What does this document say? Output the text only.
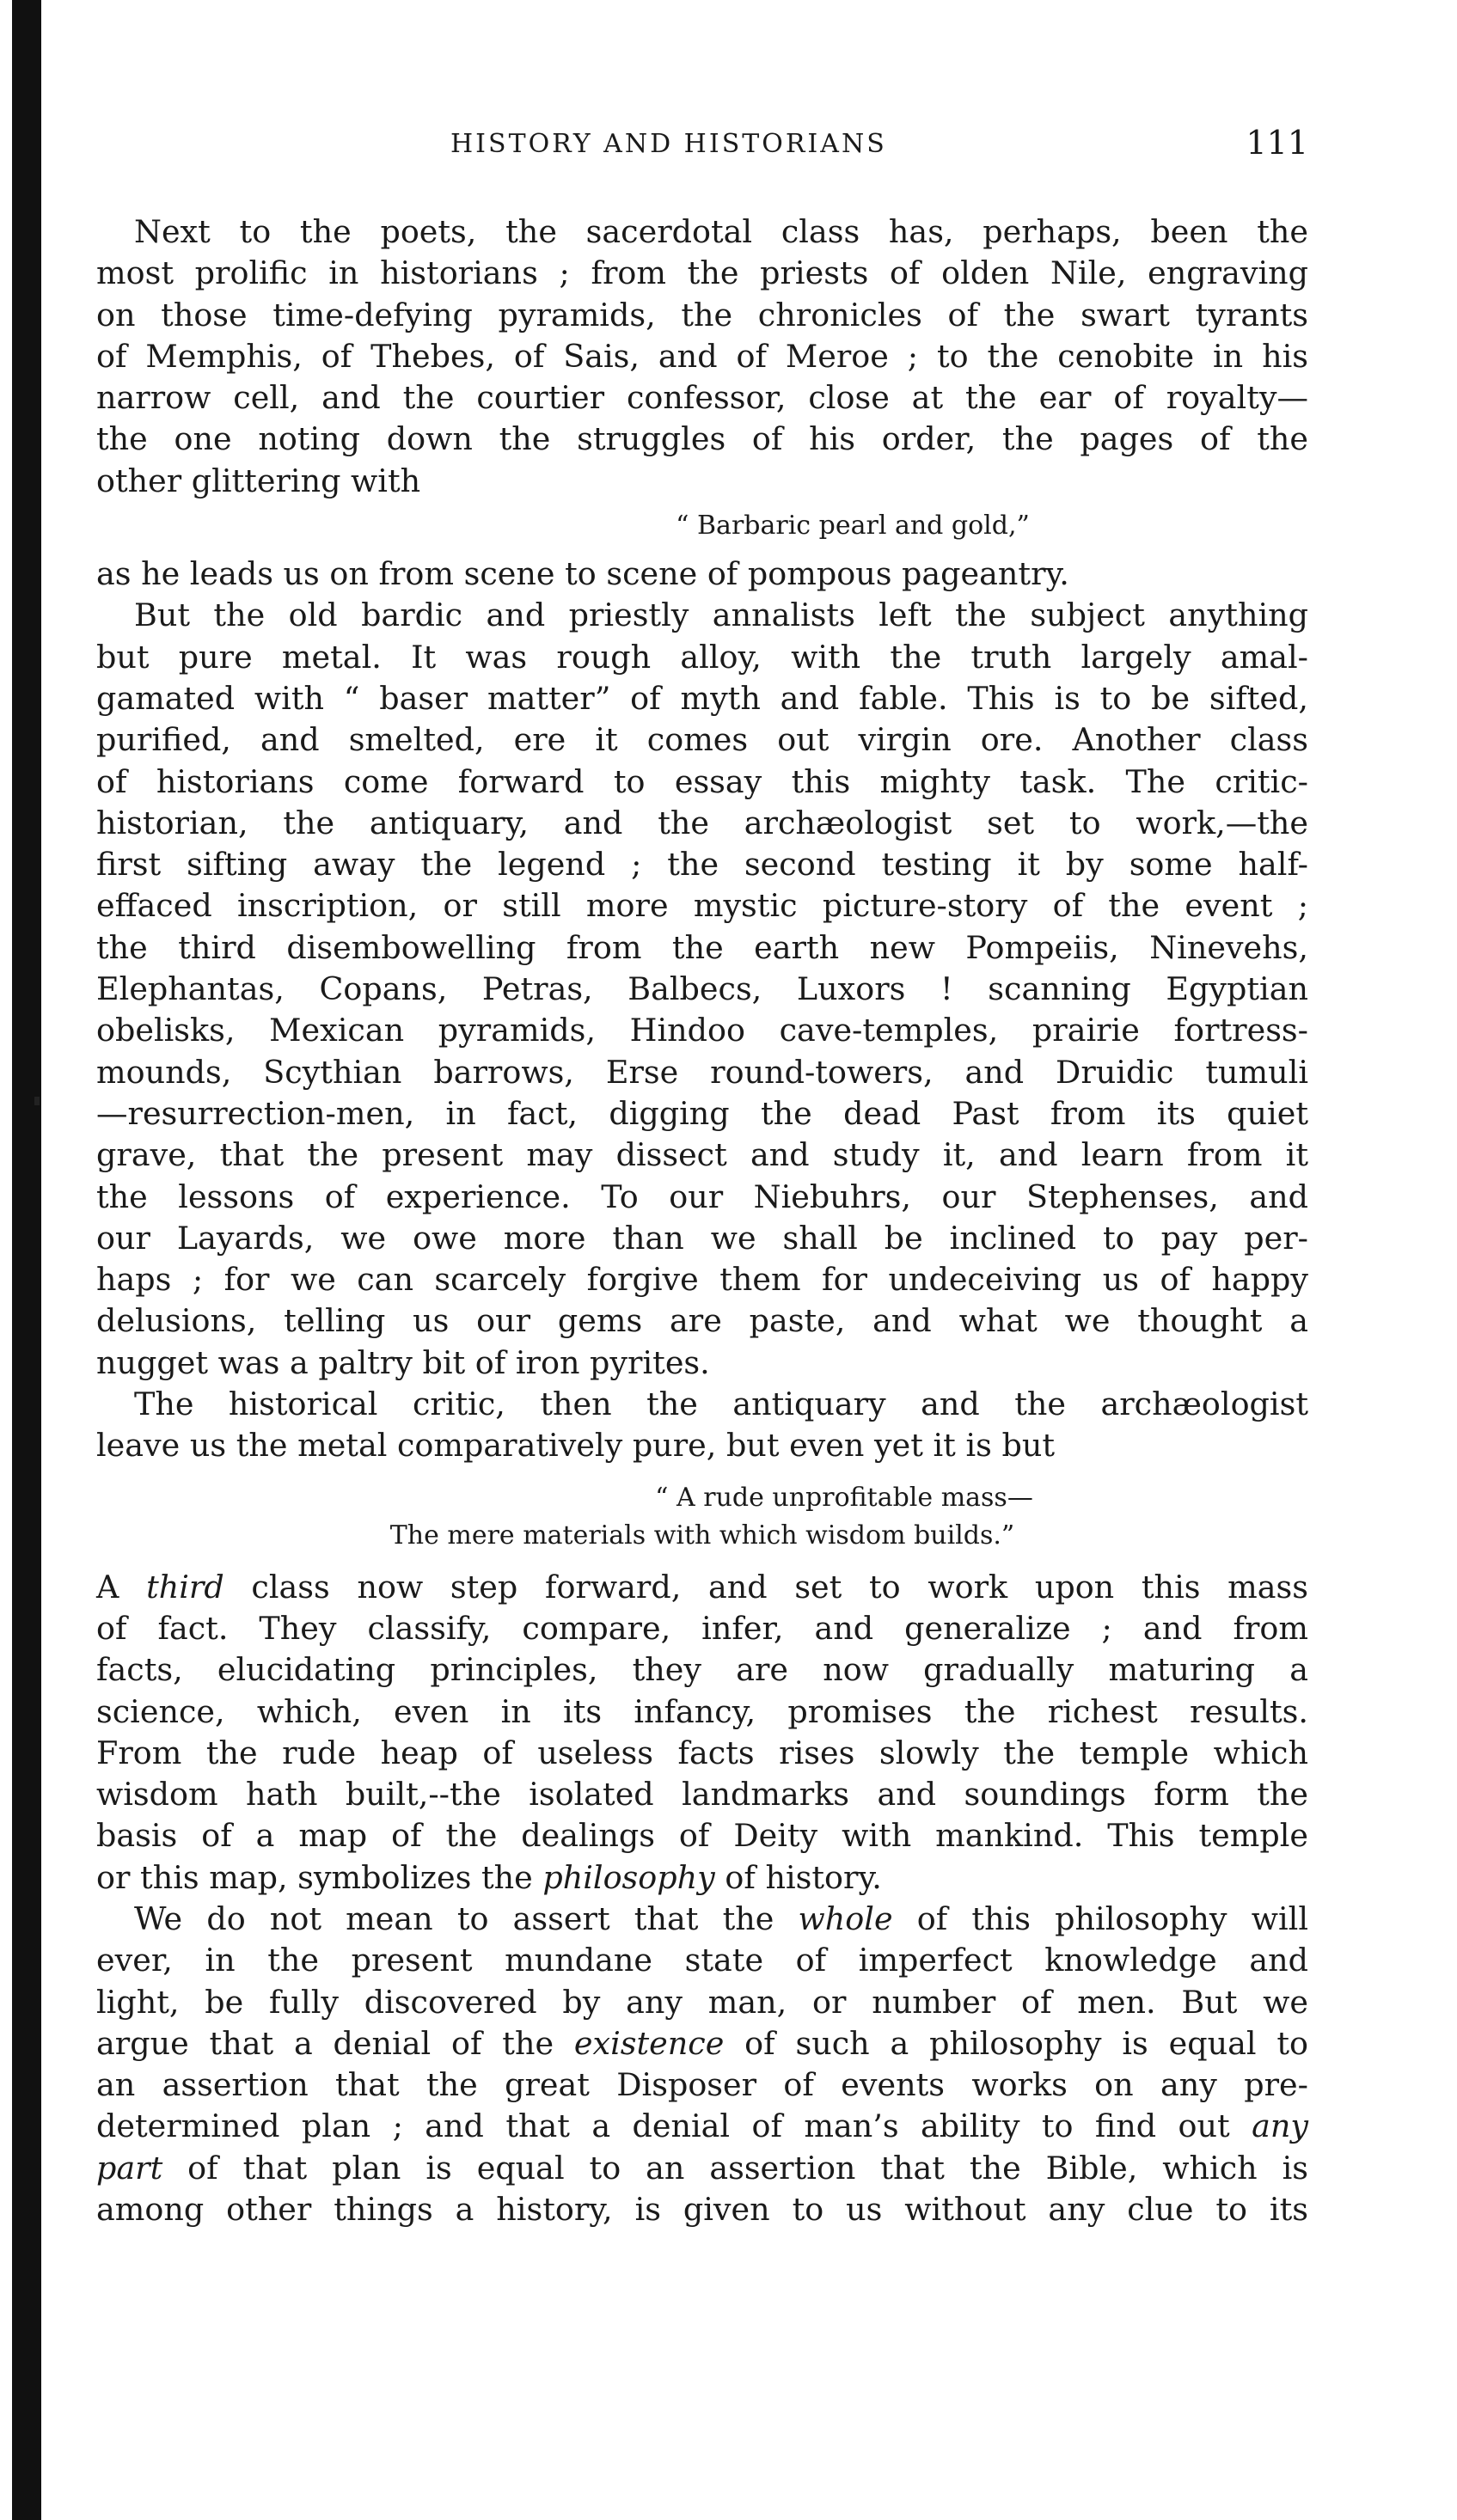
HISTORY AND HISTORIANS	111
Next to the poets, the sacerdotal class has, perhaps, been the
most prolific in historians ; from the priests of olden Nile, engraving
on those time-defying pyramids, the chronicles of the swart tyrants
of Memphis, of Thebes, of Sais, and of Meroe ; to the cenobite in his
narrow cell, and the courtier confessor, close at the ear of royalty—
the one noting down the struggles of his order, the pages of the
other glittering with
“ Barbaric pearl and gold,”
as he leads us on from scene to scene of pompous pageantry.
But the old bardic and priestly annalists left the subject anything
but pure metal. It was rough alloy, with the truth largely amal-
gamated with “ baser matter” of myth and fable. This is to be sifted,
purified, and smelted, ere it comes out virgin ore. Another class
of historians come forward to essay this mighty task. The critic-
historian, the antiquary, and the archæologist set to work,—the
first sifting away the legend ; the second testing it by some half-
effaced inscription, or still more mystic picture-story of the event ;
the third disembowelling from the earth new Pompeiis, Ninevehs,
Elephantas, Copans, Petras, Balbecs, Luxors ! scanning Egyptian
obelisks, Mexican pyramids, Hindoo cave-temples, prairie fortress-
mounds, Scythian barrows, Erse round-towers, and Druidic tumuli
—resurrection-men, in fact, digging the dead Past from its quiet
grave, that the present may dissect and study it, and learn from it
the lessons of experience. To our Niebuhrs, our Stephenses, and
our Layards, we owe more than we shall be inclined to pay per-
haps ; for we can scarcely forgive them for undeceiving us of happy
delusions, telling us our gems are paste, and what we thought a
nugget was a paltry bit of iron pyrites.
The historical critic, then the antiquary and the archæologist
leave us the metal comparatively pure, but even yet it is but
“ A rude unprofitable mass—
The mere materials with which wisdom builds.”
A third class now step forward, and set to work upon this mass
of fact. They classify, compare, infer, and generalize ; and from
facts, elucidating principles, they are now gradually maturing a
science, which, even in its infancy, promises the richest results.
From the rude heap of useless facts rises slowly the temple which
wisdom hath built,--the isolated landmarks and soundings form the
basis of a map of the dealings of Deity with mankind. This temple
or this map, symbolizes the philosophy of history.
We do not mean to assert that the whole of this philosophy will
ever, in the present mundane state of imperfect knowledge and
light, be fully discovered by any man, or number of men. But we
argue that a denial of the existence of such a philosophy is equal to
an assertion that the great Disposer of events works on any pre-
determined plan ; and that a denial of man’s ability to find out any
part of that plan is equal to an assertion that the Bible, which is
among other things a history, is given to us without any clue to its
